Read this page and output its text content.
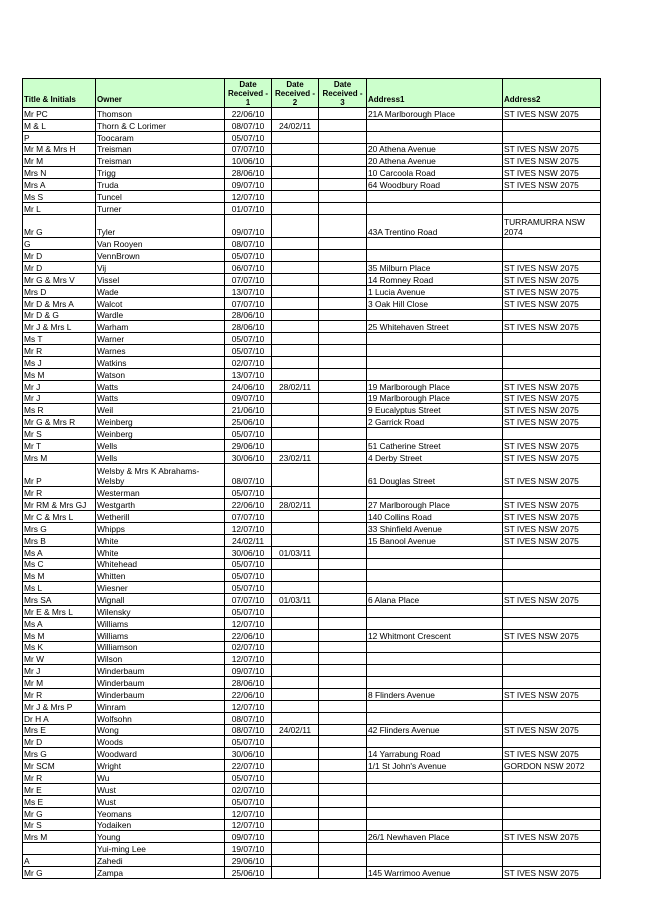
Title & Initials	Owner	Date Received - 1	Date Received - 2	Date Received - 3	Address1	Address2
Mr PC	Thomson	22/06/10			21A Marlborough Place	ST IVES NSW 2075
M & L	Thorn & C Lorimer	08/07/10	24/02/11			
P	Toocaram	05/07/10				
Mr M & Mrs H	Treisman	07/07/10			20 Athena Avenue	ST IVES NSW 2075
Mr M	Treisman	10/06/10			20 Athena Avenue	ST IVES NSW 2075
Mrs N	Trigg	28/06/10			10 Carcoola Road	ST IVES NSW 2075
Mrs A	Truda	09/07/10			64 Woodbury Road	ST IVES NSW 2075
Ms S	Tuncel	12/07/10				
Mr L	Turner	01/07/10				
Mr G	Tyler	09/07/10			43A Trentino Road	TURRAMURRA NSW 2074
G	Van Rooyen	08/07/10				
Mr D	VennBrown	05/07/10				
Mr D	Vij	06/07/10			35 Milburn Place	ST IVES NSW 2075
Mr G & Mrs V	Vissel	07/07/10			14 Romney Road	ST IVES NSW 2075
Mrs D	Wade	13/07/10			1 Lucia Avenue	ST IVES NSW 2075
Mr D & Mrs A	Walcot	07/07/10			3 Oak Hill Close	ST IVES NSW 2075
Mr D & G	Wardle	28/06/10				
Mr J & Mrs L	Warham	28/06/10			25 Whitehaven Street	ST IVES NSW 2075
Ms T	Warner	05/07/10				
Mr R	Warnes	05/07/10				
Ms J	Watkins	02/07/10				
Ms M	Watson	13/07/10				
Mr J	Watts	24/06/10	28/02/11		19 Marlborough Place	ST IVES NSW 2075
Mr J	Watts	09/07/10			19 Marlborough Place	ST IVES NSW 2075
Ms R	Weil	21/06/10			9 Eucalyptus Street	ST IVES NSW 2075
Mr G & Mrs R	Weinberg	25/06/10			2 Garrick Road	ST IVES NSW 2075
Mr S	Weinberg	05/07/10				
Mr T	Wells	29/06/10			51 Catherine Street	ST IVES NSW 2075
Mrs M	Wells	30/06/10	23/02/11		4 Derby Street	ST IVES NSW 2075
Mr P	Welsby & Mrs K Abrahams-Welsby	08/07/10			61 Douglas Street	ST IVES NSW 2075
Mr R	Westerman	05/07/10				
Mr RM & Mrs GJ	Westgarth	22/06/10	28/02/11		27 Marlborough Place	ST IVES NSW 2075
Mr C & Mrs L	Wetherill	07/07/10			140 Collins Road	ST IVES NSW 2075
Mrs G	Whipps	12/07/10			33 Shinfield Avenue	ST IVES NSW 2075
Mrs B	White	24/02/11			15 Banool Avenue	ST IVES NSW 2075
Ms A	White	30/06/10	01/03/11			
Ms C	Whitehead	05/07/10				
Ms M	Whitten	05/07/10				
Ms L	Wiesner	05/07/10				
Mrs SA	Wignall	07/07/10	01/03/11		6 Alana Place	ST IVES NSW 2075
Mr E & Mrs L	Wilensky	05/07/10				
Ms A	Williams	12/07/10				
Ms M	Williams	22/06/10			12 Whitmont Crescent	ST IVES NSW 2075
Ms K	Williamson	02/07/10				
Mr W	Wilson	12/07/10				
Mr J	Winderbaum	09/07/10				
Mr M	Winderbaum	28/06/10				
Mr R	Winderbaum	22/06/10			8 Flinders Avenue	ST IVES NSW 2075
Mr J & Mrs P	Winram	12/07/10				
Dr H A	Wolfsohn	08/07/10				
Mrs E	Wong	08/07/10	24/02/11		42 Flinders Avenue	ST IVES NSW 2075
Mr D	Woods	05/07/10				
Mrs G	Woodward	30/06/10			14 Yarrabung Road	ST IVES NSW 2075
Mr SCM	Wright	22/07/10			1/1 St John's Avenue	GORDON NSW 2072
Mr R	Wu	05/07/10				
Mr E	Wust	02/07/10				
Ms E	Wust	05/07/10				
Mr G	Yeomans	12/07/10				
Mr S	Yodaiken	12/07/10				
Mrs M	Young	09/07/10			26/1 Newhaven Place	ST IVES NSW 2075
	Yui-ming Lee	19/07/10				
A	Zahedi	29/06/10				
Mr G	Zampa	25/06/10			145 Warrimoo Avenue	ST IVES NSW 2075
